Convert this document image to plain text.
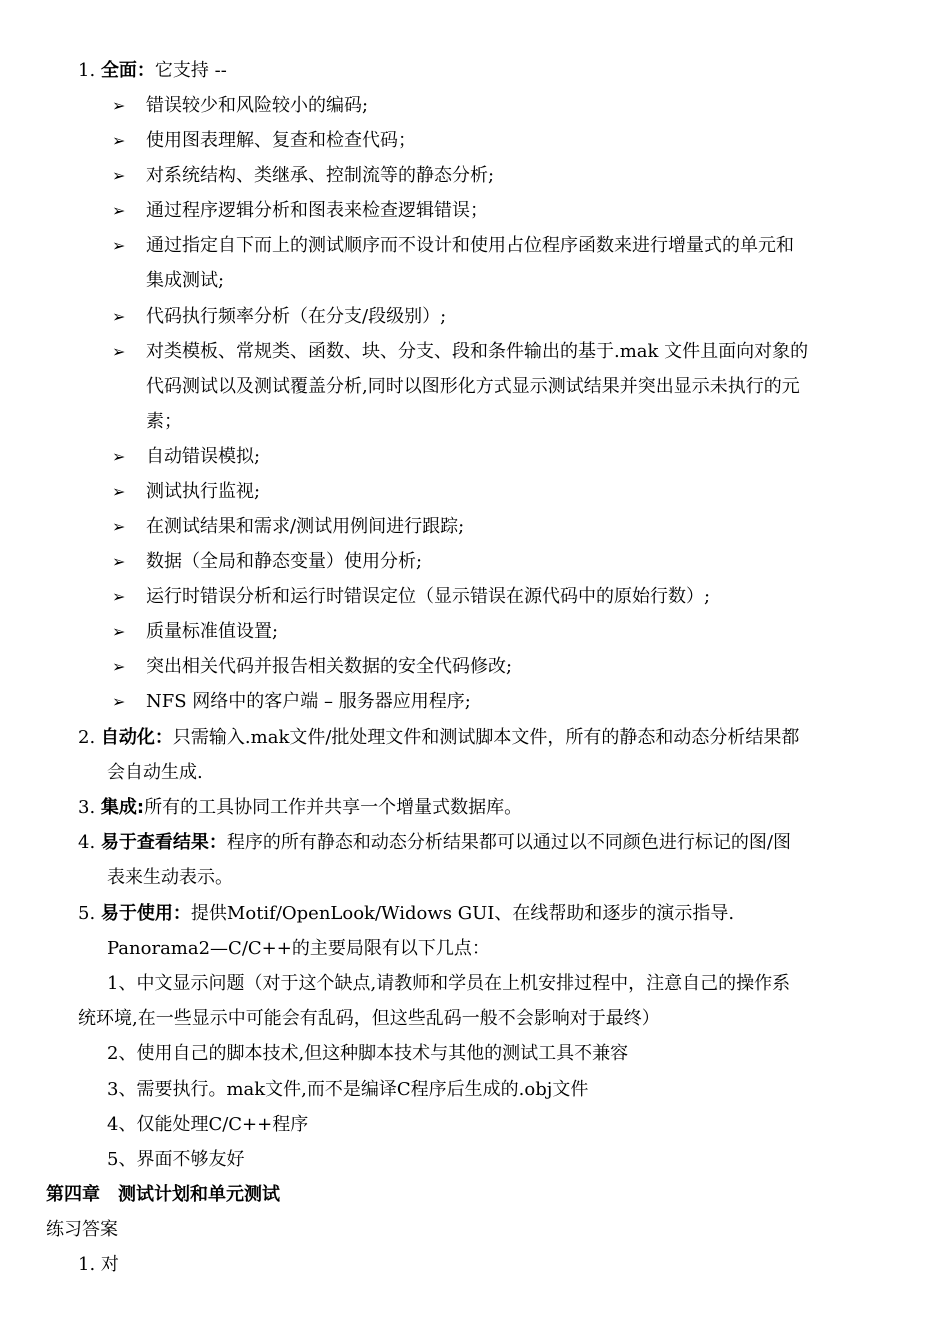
1. 全面：它支持 --
➢ 错误较少和风险较小的编码;
➢ 使用图表理解、复查和检查代码；
➢ 对系统结构、类继承、控制流等的静态分析;
➢ 通过程序逻辑分析和图表来检查逻辑错误；
➢ 通过指定自下而上的测试顺序而不设计和使用占位程序函数来进行增量式的单元和
集成测试;
➢ 代码执行频率分析（在分支/段级别）;
➢ 对类模板、常规类、函数、块、分支、段和条件输出的基于.mak 文件且面向对象的
代码测试以及测试覆盖分析,同时以图形化方式显示测试结果并突出显示未执行的元
素；
➢ 自动错误模拟;
➢ 测试执行监视;
➢ 在测试结果和需求/测试用例间进行跟踪;
➢ 数据（全局和静态变量）使用分析;
➢ 运行时错误分析和运行时错误定位（显示错误在源代码中的原始行数）;
➢ 质量标准值设置;
➢ 突出相关代码并报告相关数据的安全代码修改;
➢ NFS 网络中的客户端 – 服务器应用程序;
2. 自动化：只需输入.mak文件/批处理文件和测试脚本文件，所有的静态和动态分析结果都
会自动生成.
3. 集成:所有的工具协同工作并共享一个增量式数据库。
4. 易于查看结果：程序的所有静态和动态分析结果都可以通过以不同颜色进行标记的图/图
表来生动表示。
5. 易于使用：提供Motif/OpenLook/Widows GUI、在线帮助和逐步的演示指导.
Panorama2—C/C++的主要局限有以下几点：
1、中文显示问题（对于这个缺点,请教师和学员在上机安排过程中，注意自己的操作系
统环境,在一些显示中可能会有乱码，但这些乱码一般不会影响对于最终）
2、使用自己的脚本技术,但这种脚本技术与其他的测试工具不兼容
3、需要执行。mak文件,而不是编译C程序后生成的.obj文件
4、仅能处理C/C++程序
5、界面不够友好
第四章　测试计划和单元测试
练习答案
1. 对
